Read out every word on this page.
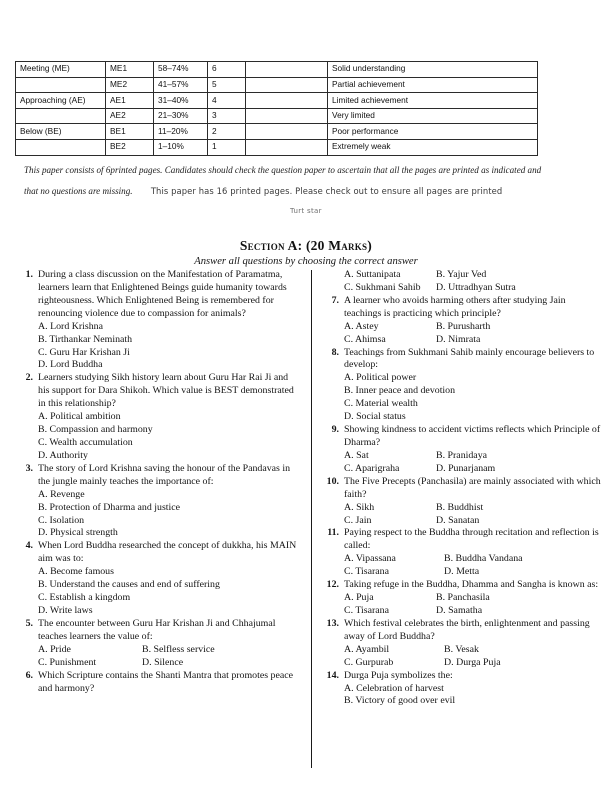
Meeting (ME)	ME1	58–74%	6		Solid understanding
	ME2	41–57%	5		Partial achievement
Approaching (AE)	AE1	31–40%	4		Limited achievement
	AE2	21–30%	3		Very limited
Below (BE)	BE1	11–20%	2		Poor performance
	BE2	1–10%	1		Extremely weak
This paper consists of 6printed pages. Candidates should check the question paper to ascertain that all the pages are printed as indicated and
that no questions are missing. This paper has 16 printed pages. Please check out to ensure all pages are printed
Turt star
Section A: (20 Marks)
Answer all questions by choosing the correct answer
1. During a class discussion on the Manifestation of Paramatma, learners learn that Enlightened Beings guide humanity towards righteousness. Which Enlightened Being is remembered for renouncing violence due to compassion for animals?
A. Lord Krishna
B. Tirthankar Neminath
C. Guru Har Krishan Ji
D. Lord Buddha
2. Learners studying Sikh history learn about Guru Har Rai Ji and his support for Dara Shikoh. Which value is BEST demonstrated in this relationship?
A. Political ambition
B. Compassion and harmony
C. Wealth accumulation
D. Authority
3. The story of Lord Krishna saving the honour of the Pandavas in the jungle mainly teaches the importance of:
A. Revenge
B. Protection of Dharma and justice
C. Isolation
D. Physical strength
4. When Lord Buddha researched the concept of dukkha, his MAIN aim was to:
A. Become famous
B. Understand the causes and end of suffering
C. Establish a kingdom
D. Write laws
5. The encounter between Guru Har Krishan Ji and Chhajumal teaches learners the value of:
A. Pride	B. Selfless service
C. Punishment	D. Silence
6. Which Scripture contains the Shanti Mantra that promotes peace and harmony?
A. Suttanipata	B. Yajur Ved
C. Sukhmani Sahib	D. Uttradhyan Sutra
7. A learner who avoids harming others after studying Jain teachings is practicing which principle?
A. Astey	B. Purusharth
C. Ahimsa	D. Nimrata
8. Teachings from Sukhmani Sahib mainly encourage believers to develop:
A. Political power
B. Inner peace and devotion
C. Material wealth
D. Social status
9. Showing kindness to accident victims reflects which Principle of Dharma?
A. Sat	B. Pranidaya
C. Aparigraha	D. Punarjanam
10. The Five Precepts (Panchasila) are mainly associated with which faith?
A. Sikh	B. Buddhist
C. Jain	D. Sanatan
11. Paying respect to the Buddha through recitation and reflection is called:
A. Vipassana	B. Buddha Vandana
C. Tisarana	D. Metta
12. Taking refuge in the Buddha, Dhamma and Sangha is known as:
A. Puja	B. Panchasila
C. Tisarana	D. Samatha
13. Which festival celebrates the birth, enlightenment and passing away of Lord Buddha?
A. Ayambil	B. Vesak
C. Gurpurab	D. Durga Puja
14. Durga Puja symbolizes the:
A. Celebration of harvest
B. Victory of good over evil
